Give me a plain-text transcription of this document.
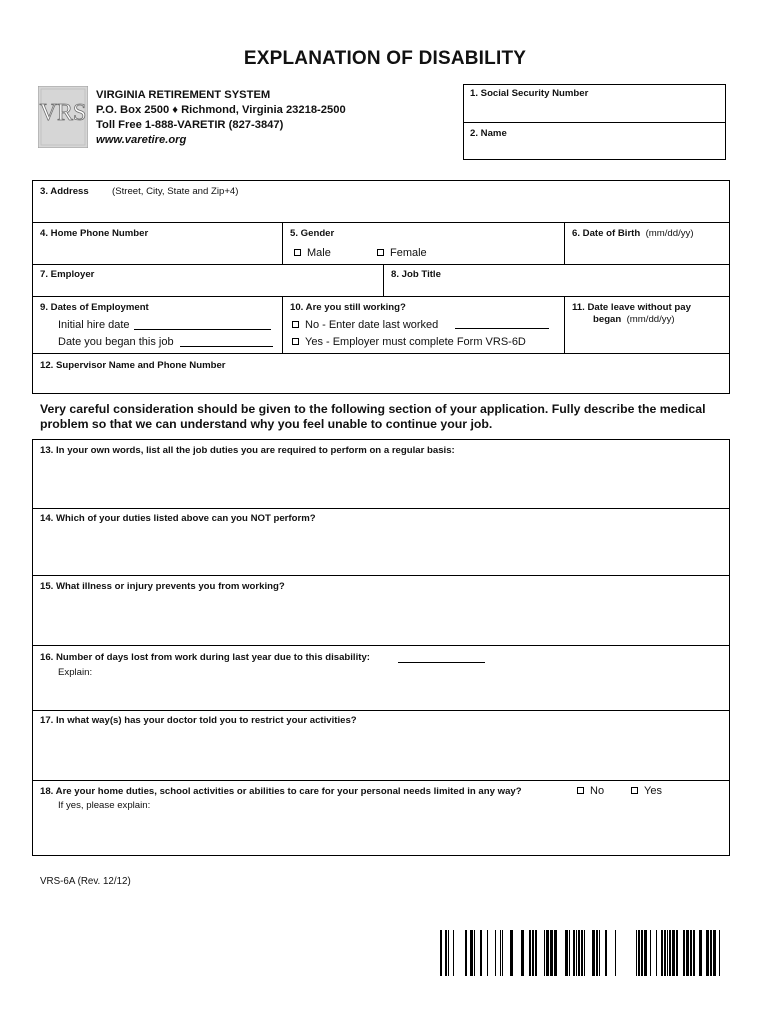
EXPLANATION OF DISABILITY
VRS
VIRGINIA RETIREMENT SYSTEM
P.O. Box 2500 ♦ Richmond, Virginia 23218-2500
Toll Free 1-888-VARETIR (827-3847)
www.varetire.org
1. Social Security Number
2. Name
3. Address (Street, City, State and Zip+4)
4. Home Phone Number	5. Gender
Male	Female
6. Date of Birth (mm/dd/yy)
7. Employer	8. Job Title
9. Dates of Employment
Initial hire date
Date you began this job
10. Are you still working?
No - Enter date last worked
Yes - Employer must complete Form VRS-6D
11. Date leave without pay
began (mm/dd/yy)
12. Supervisor Name and Phone Number
Very careful consideration should be given to the following section of your application. Fully describe the medical problem so that we can understand why you feel unable to continue your job.
13. In your own words, list all the job duties you are required to perform on a regular basis:
14. Which of your duties listed above can you NOT perform?
15. What illness or injury prevents you from working?
16. Number of days lost from work during last year due to this disability:
Explain:
17. In what way(s) has your doctor told you to restrict your activities?
18. Are your home duties, school activities or abilities to care for your personal needs limited in any way?	No	Yes
If yes, please explain:
VRS-6A (Rev. 12/12)
